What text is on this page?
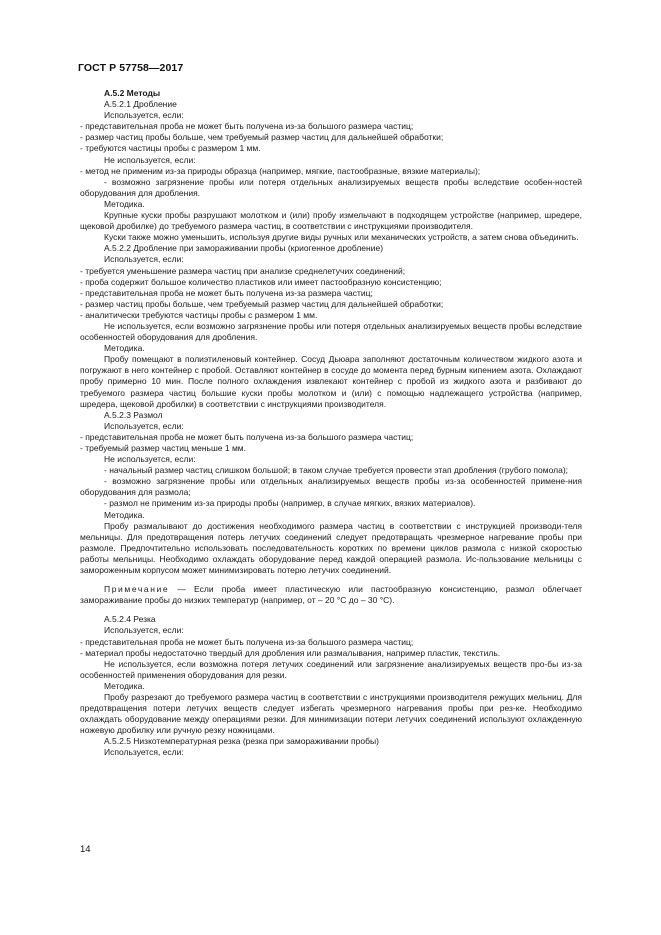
ГОСТ Р 57758—2017

А.5.2 Методы

А.5.2.1 Дробление

Используется, если:

- представительная проба не может быть получена из-за большого размера частиц;

- размер частиц пробы больше, чем требуемый размер частиц для дальнейшей обработки;

- требуются частицы пробы с размером 1 мм.

Не используется, если:

- метод не применим из-за природы образца (например, мягкие, пастообразные, вязкие материалы);

- возможно загрязнение пробы или потеря отдельных анализируемых веществ пробы вследствие особен-ностей оборудования для дробления.

Методика.

Крупные куски пробы разрушают молотком и (или) пробу измельчают в подходящем устройстве (например, шредере, щековой дробилке) до требуемого размера частиц, в соответствии с инструкциями производителя.

Куски также можно уменьшить, используя другие виды ручных или механических устройств, а затем снова объединить.

А.5.2.2 Дробление при замораживании пробы (криогенное дробление)

Используется, если:

- требуется уменьшение размера частиц при анализе среднелетучих соединений;

- проба содержит большое количество пластиков или имеет пастообразную консистенцию;

- представительная проба не может быть получена из-за размера частиц;

- размер частиц пробы больше, чем требуемый размер частиц для дальнейшей обработки;

- аналитически требуются частицы пробы с размером 1 мм.

Не используется, если возможно загрязнение пробы или потеря отдельных анализируемых веществ пробы вследствие особенностей оборудования для дробления.

Методика.

Пробу помещают в полиэтиленовый контейнер. Сосуд Дьюара заполняют достаточным количеством жидкого азота и погружают в него контейнер с пробой. Оставляют контейнер в сосуде до момента перед бурным кипением азота. Охлаждают пробу примерно 10 мин. После полного охлаждения извлекают контейнер с пробой из жидкого азота и разбивают до требуемого размера частиц большие куски пробы молотком и (или) с помощью надлежащего устройства (например, шредера, щековой дробилки) в соответствии с инструкциями производителя.

А.5.2.3 Размол

Используется, если:

- представительная проба не может быть получена из-за большого размера частиц;

- требуемый размер частиц меньше 1 мм.

Не используется, если:

- начальный размер частиц слишком большой; в таком случае требуется провести этап дробления (грубого помола);

- возможно загрязнение пробы или отдельных анализируемых веществ пробы из-за особенностей примене-ния оборудования для размола;

- размол не применим из-за природы пробы (например, в случае мягких, вязких материалов).

Методика.

Пробу размалывают до достижения необходимого размера частиц в соответствии с инструкцией производи-теля мельницы. Для предотвращения потерь летучих соединений следует предотвращать чрезмерное нагревание пробы при размоле. Предпочтительно использовать последовательность коротких по времени циклов размола с низкой скоростью работы мельницы. Необходимо охлаждать оборудование перед каждой операцией размола. Ис-пользование мельницы с замороженным корпусом может минимизировать потерю летучих соединений.

Примечание — Если проба имеет пластическую или пастообразную консистенцию, размол облегчает замораживание пробы до низких температур (например, от – 20 °C до – 30 °C).

А.5.2.4 Резка

Используется, если:

- представительная проба не может быть получена из-за большого размера частиц;

- материал пробы недостаточно твердый для дробления или размалывания, например пластик, текстиль.

Не используется, если возможна потеря летучих соединений или загрязнение анализируемых веществ про-бы из-за особенностей применения оборудования для резки.

Методика.

Пробу разрезают до требуемого размера частиц в соответствии с инструкциями производителя режущих мельниц. Для предотвращения потери летучих веществ следует избегать чрезмерного нагревания пробы при рез-ке. Необходимо охлаждать оборудование между операциями резки. Для минимизации потери летучих соединений используют охлажденную ножевую дробилку или ручную резку ножницами.

А.5.2.5 Низкотемпературная резка (резка при замораживании пробы)

Используется, если:

14
